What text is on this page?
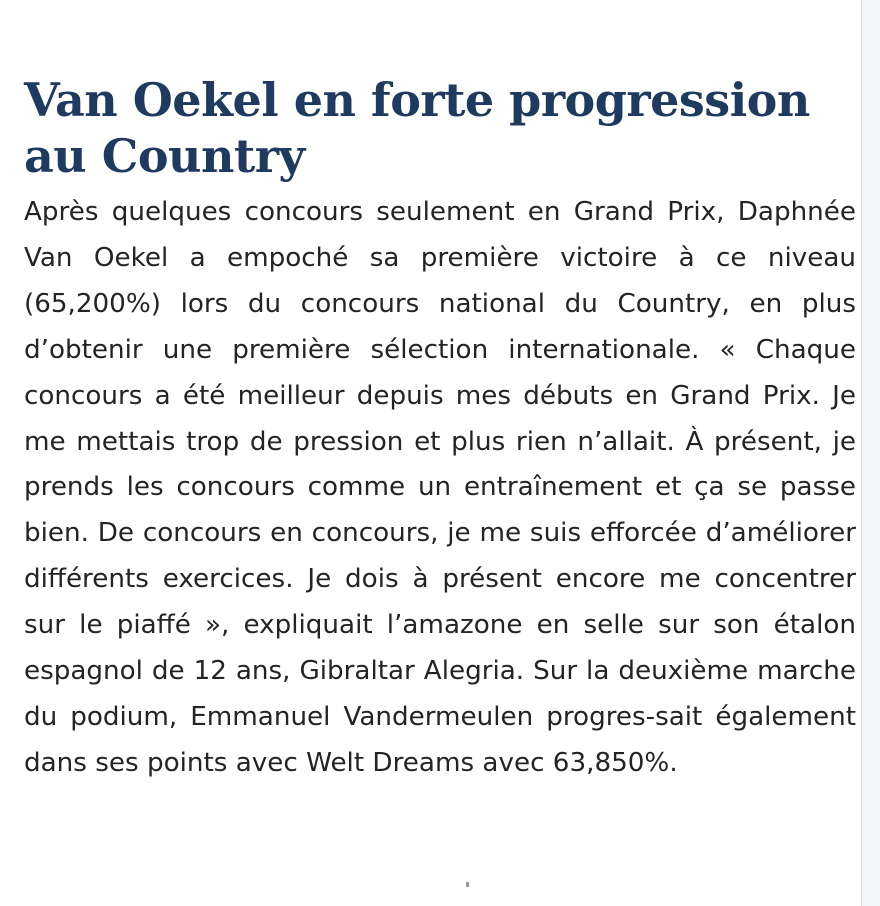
Van Oekel en forte progression au Country

Après quelques concours seulement en Grand Prix, Daphnée Van Oekel a empoché sa première victoire à ce niveau (65,200%) lors du concours national du Country, en plus d’obtenir une première sélection internationale. « Chaque concours a été meilleur depuis mes débuts en Grand Prix. Je me mettais trop de pression et plus rien n’allait. À présent, je prends les concours comme un entraînement et ça se passe bien. De concours en concours, je me suis efforcée d’améliorer différents exercices. Je dois à présent encore me concentrer sur le piaffé », expliquait l’amazone en selle sur son étalon espagnol de 12 ans, Gibraltar Alegria. Sur la deuxième marche du podium, Emmanuel Vandermeulen progres-sait également dans ses points avec Welt Dreams avec 63,850%.
